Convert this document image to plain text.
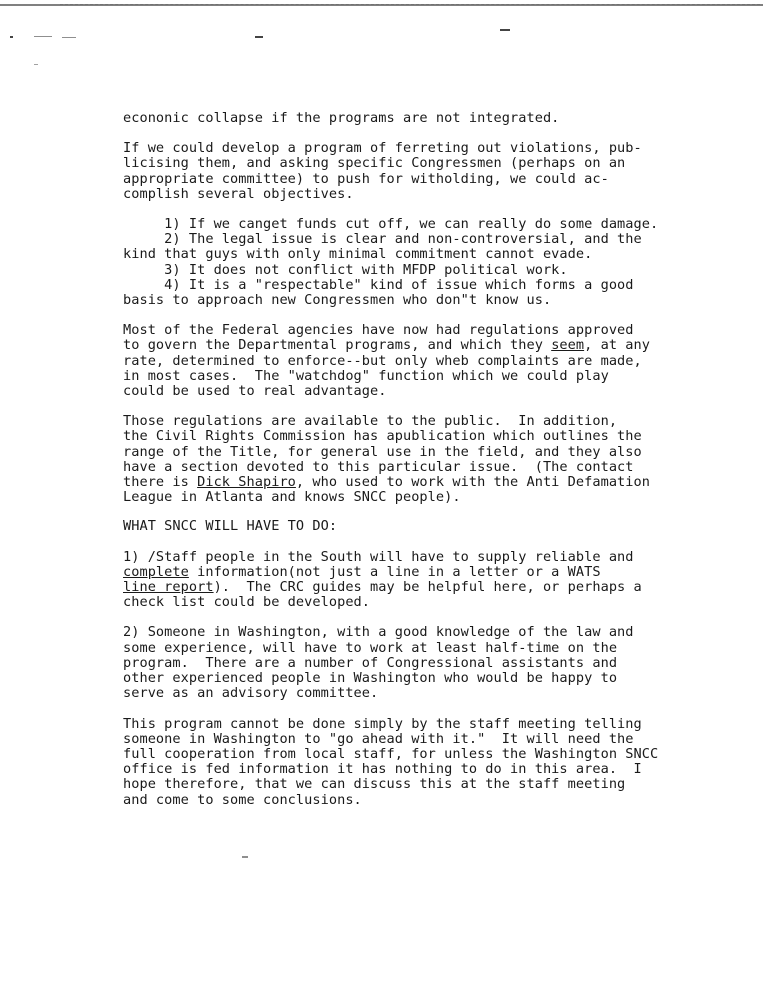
econonic collapse if the programs are not integrated.

If we could develop a program of ferreting out violations, pub-

licising them, and asking specific Congressmen (perhaps on an

appropriate committee) to push for witholding, we could ac-

complish several objectives.

1) If we canget funds cut off, we can really do some damage.

2) The legal issue is clear and non-controversial, and the

kind that guys with only minimal commitment cannot evade.

3) It does not conflict with MFDP political work.

4) It is a "respectable" kind of issue which forms a good

basis to approach new Congressmen who don"t know us.

Most of the Federal agencies have now had regulations approved

to govern the Departmental programs, and which they seem, at any

rate, determined to enforce--but only wheb complaints are made,

in most cases.  The "watchdog" function which we could play

could be used to real advantage.

Those regulations are available to the public.  In addition,

the Civil Rights Commission has apublication which outlines the

range of the Title, for general use in the field, and they also

have a section devoted to this particular issue.  (The contact

there is Dick Shapiro, who used to work with the Anti Defamation

League in Atlanta and knows SNCC people).

WHAT SNCC WILL HAVE TO DO:

1) /Staff people in the South will have to supply reliable and

complete information(not just a line in a letter or a WATS

line report).  The CRC guides may be helpful here, or perhaps a

check list could be developed.

2) Someone in Washington, with a good knowledge of the law and

some experience, will have to work at least half-time on the

program.  There are a number of Congressional assistants and

other experienced people in Washington who would be happy to

serve as an advisory committee.

This program cannot be done simply by the staff meeting telling

someone in Washington to "go ahead with it."  It will need the

full cooperation from local staff, for unless the Washington SNCC

office is fed information it has nothing to do in this area.  I

hope therefore, that we can discuss this at the staff meeting

and come to some conclusions.
